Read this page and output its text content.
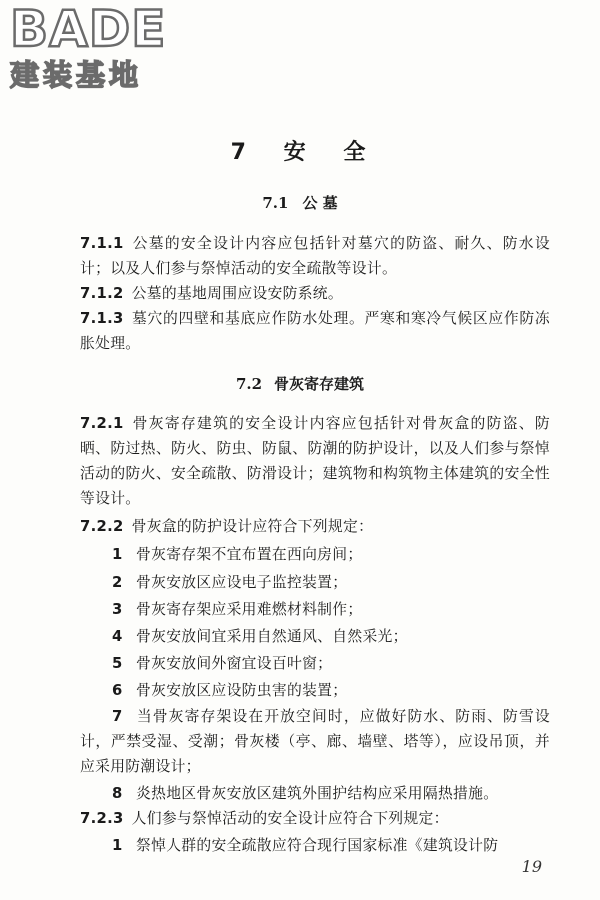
BADE
建装基地
7 安 全
7.1 公 墓
7.1.1 公墓的安全设计内容应包括针对墓穴的防盗、耐久、防水设计；以及人们参与祭悼活动的安全疏散等设计。
7.1.2 公墓的基地周围应设安防系统。
7.1.3 墓穴的四壁和基底应作防水处理。严寒和寒冷气候区应作防冻胀处理。
7.2 骨灰寄存建筑
7.2.1 骨灰寄存建筑的安全设计内容应包括针对骨灰盒的防盗、防晒、防过热、防火、防虫、防鼠、防潮的防护设计，以及人们参与祭悼活动的防火、安全疏散、防滑设计；建筑物和构筑物主体建筑的安全性等设计。
7.2.2 骨灰盒的防护设计应符合下列规定：
1 骨灰寄存架不宜布置在西向房间；
2 骨灰安放区应设电子监控装置；
3 骨灰寄存架应采用难燃材料制作；
4 骨灰安放间宜采用自然通风、自然采光；
5 骨灰安放间外窗宜设百叶窗；
6 骨灰安放区应设防虫害的装置；
7 当骨灰寄存架设在开放空间时，应做好防水、防雨、防雪设计，严禁受湿、受潮；骨灰楼（亭、廊、墙壁、塔等），应设吊顶，并应采用防潮设计；
8 炎热地区骨灰安放区建筑外围护结构应采用隔热措施。
7.2.3 人们参与祭悼活动的安全设计应符合下列规定：
1 祭悼人群的安全疏散应符合现行国家标准《建筑设计防
19
